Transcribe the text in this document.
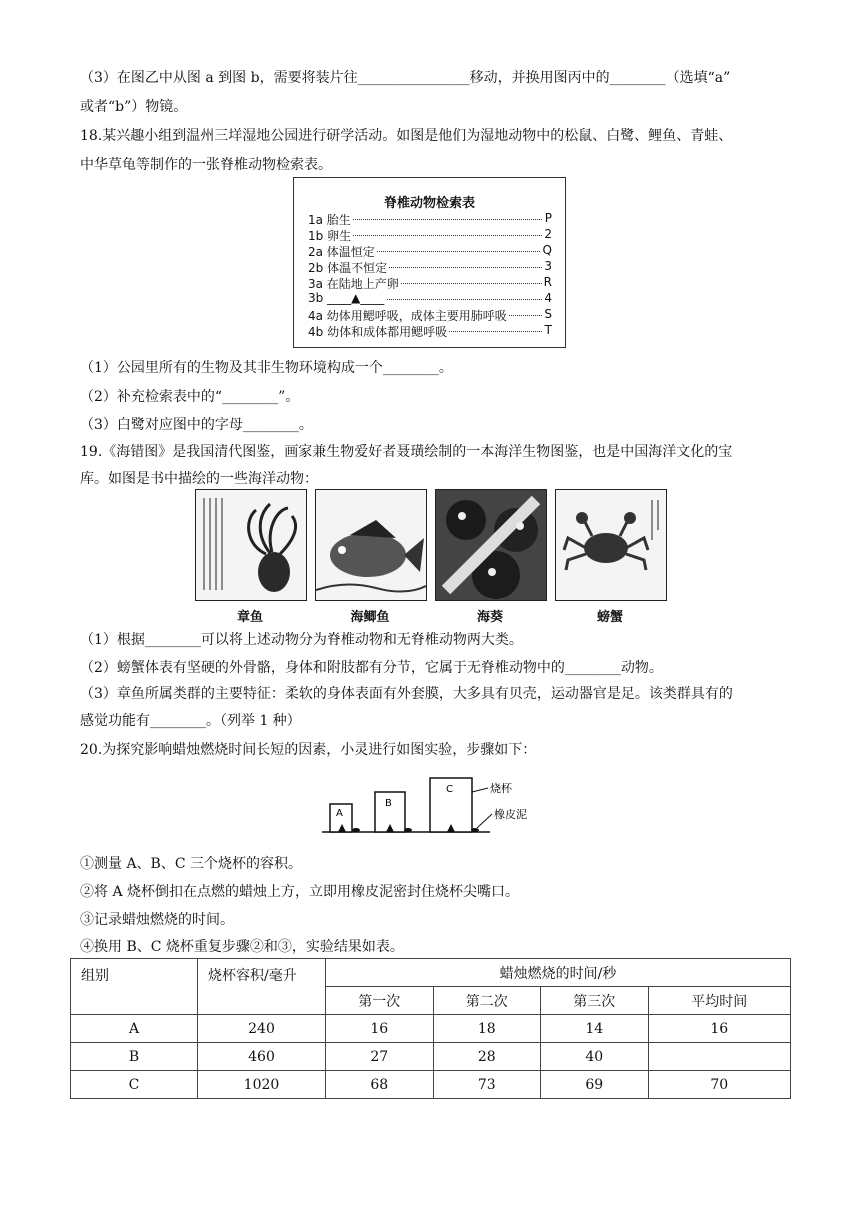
（3）在图乙中从图 a 到图 b，需要将装片往________________移动，并换用图丙中的________（选填“a”
或者“b”）物镜。
18.某兴趣小组到温州三垟湿地公园进行研学活动。如图是他们为湿地动物中的松鼠、白鹭、鲤鱼、青蛙、
中华草龟等制作的一张脊椎动物检索表。
脊椎动物检索表
1a 胎生	P
1b 卵生	2
2a 体温恒定	Q
2b 体温不恒定	3
3a 在陆地上产卵	R
3b ____▲____	4
4a 幼体用鳃呼吸，成体主要用肺呼吸	S
4b 幼体和成体都用鳃呼吸	T
（1）公园里所有的生物及其非生物环境构成一个________。
（2）补充检索表中的“________”。
（3）白鹭对应图中的字母________。
19.《海错图》是我国清代图鉴，画家兼生物爱好者聂璜绘制的一本海洋生物图鉴，也是中国海洋文化的宝
库。如图是书中描绘的一些海洋动物：
章鱼	海鲫鱼	海葵	螃蟹
（1）根据________可以将上述动物分为脊椎动物和无脊椎动物两大类。
（2）螃蟹体表有坚硬的外骨骼，身体和附肢都有分节，它属于无脊椎动物中的________动物。
（3）章鱼所属类群的主要特征：柔软的身体表面有外套膜，大多具有贝壳，运动器官是足。该类群具有的
感觉功能有________。（列举 1 种）
20.为探究影响蜡烛燃烧时间长短的因素，小灵进行如图实验，步骤如下：
A
B
C	烧杯
橡皮泥
①测量 A、B、C 三个烧杯的容积。
②将 A 烧杯倒扣在点燃的蜡烛上方，立即用橡皮泥密封住烧杯尖嘴口。
③记录蜡烛燃烧的时间。
④换用 B、C 烧杯重复步骤②和③，实验结果如表。
组别	烧杯容积/毫升	蜡烛燃烧的时间/秒			
		第一次	第二次	第三次	平均时间
A	240	16	18	14	16
B	460	27	28	40	
C	1020	68	73	69	70
